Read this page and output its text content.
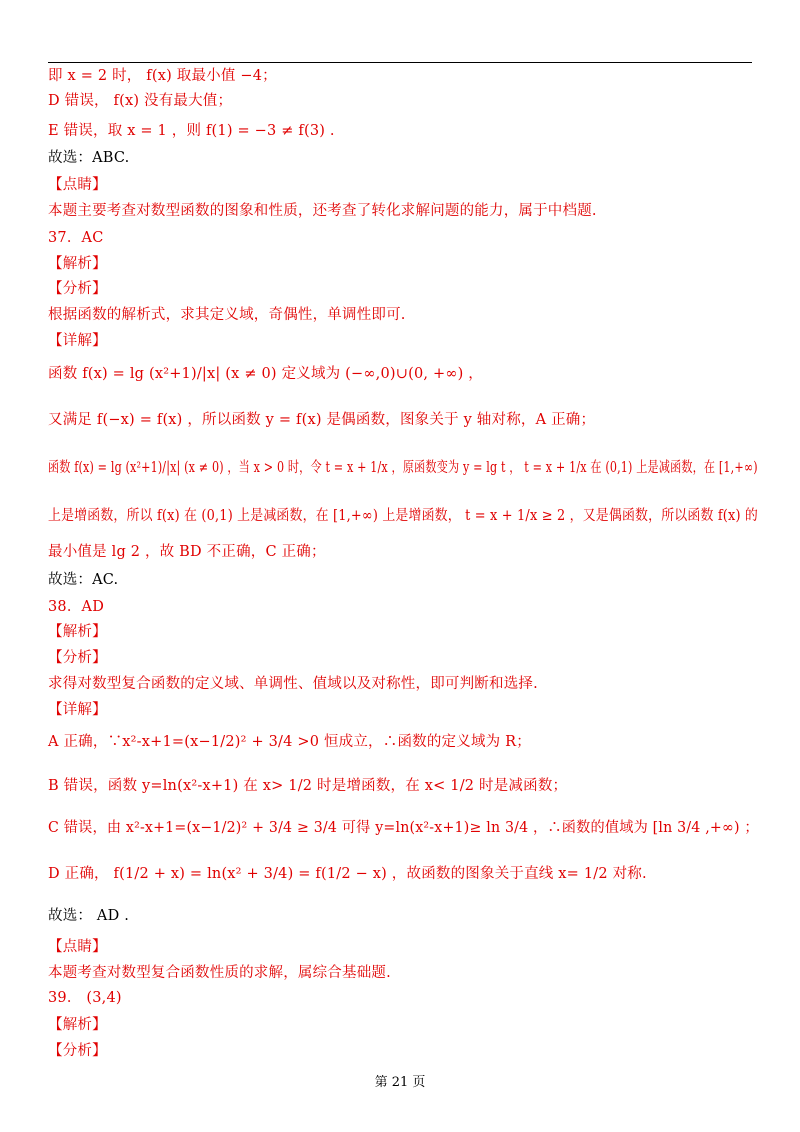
即 x = 2 时， f(x) 取最小值 −4；
D 错误， f(x) 没有最大值；
E 错误，取 x = 1 ，则 f(1) = −3 ≠ f(3) .
故选：ABC.
【点睛】
本题主要考查对数型函数的图象和性质，还考查了转化求解问题的能力，属于中档题.
37．AC
【解析】
【分析】
根据函数的解析式，求其定义域，奇偶性，单调性即可.
【详解】
函数 f(x) = lg (x²+1)/|x| (x ≠ 0) 定义域为 (−∞,0)∪(0, +∞) ，
又满足 f(−x) = f(x) ，所以函数 y = f(x) 是偶函数，图象关于 y 轴对称，A 正确；
函数 f(x) = lg (x²+1)/|x| (x ≠ 0) ，当 x > 0 时，令 t = x + 1/x ，原函数变为 y = lg t ， t = x + 1/x 在 (0,1) 上是减函数，在 [1,+∞)
上是增函数，所以 f(x) 在 (0,1) 上是减函数，在 [1,+∞) 上是增函数， t = x + 1/x ≥ 2 ，又是偶函数，所以函数 f(x) 的
最小值是 lg 2 ，故 BD 不正确，C 正确；
故选：AC.
38．AD
【解析】
【分析】
求得对数型复合函数的定义域、单调性、值域以及对称性，即可判断和选择.
【详解】
A 正确，∵x²-x+1=(x−1/2)² + 3/4 >0 恒成立，∴函数的定义域为 R；
B 错误，函数 y=ln(x²-x+1) 在 x> 1/2 时是增函数，在 x< 1/2 时是减函数；
C 错误，由 x²-x+1=(x−1/2)² + 3/4 ≥ 3/4 可得 y=ln(x²-x+1)≥ ln 3/4 ，∴函数的值域为 [ln 3/4 ,+∞) ；
D 正确， f(1/2 + x) = ln(x² + 3/4) = f(1/2 − x) ，故函数的图象关于直线 x= 1/2 对称.
故选： AD .
【点睛】
本题考查对数型复合函数性质的求解，属综合基础题.
39． (3,4)
【解析】
【分析】
第 21 页
